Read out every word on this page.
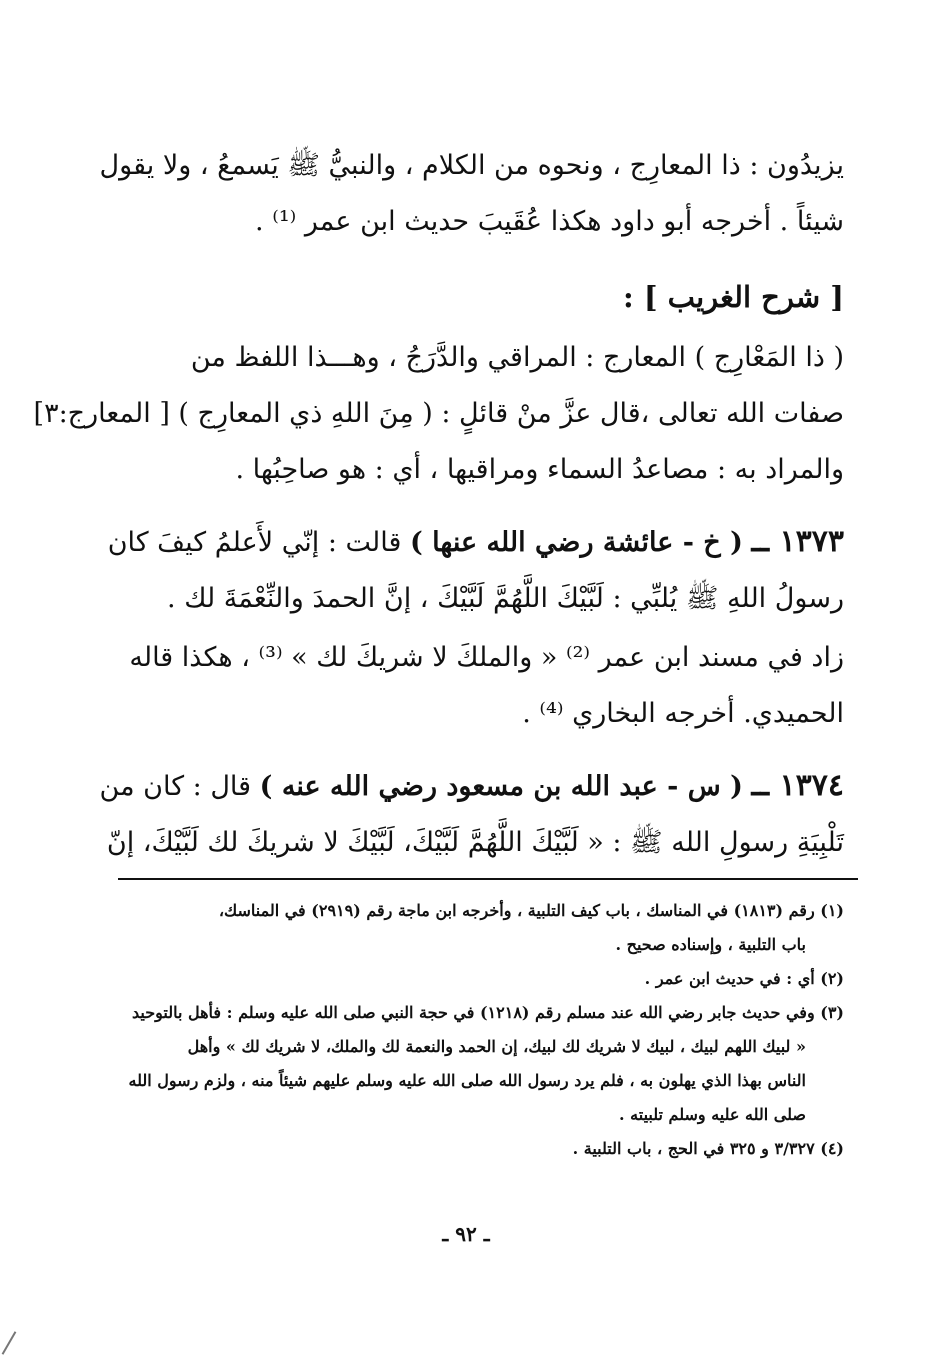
يزيدُون : ذا المعارِج ، ونحوه من الكلام ، والنبيُّ ﷺ يَسمعُ ، ولا يقول
شيئاً . أخرجه أبو داود هكذا عُقَيبَ حديث ابن عمر ⁽¹⁾ .
[ شرح الغريب ] :
( ذا المَعْارِج ) المعارج : المراقي والدَّرَجُ ، وهـــذا اللفظ من
صفات الله تعالى ،قال عزَّ منْ قائلٍ : ( مِنَ اللهِ ذي المعارِج ) [ المعارج:٣]
والمراد به : مصاعدُ السماء ومراقيها ، أي : هو صاحِبُها .
١٣٧٣ ــ ( خ - عائشة رضي الله عنها ) قالت : إنّي لأَعلمُ كيفَ كان
رسولُ اللهِ ﷺ يُلبِّي : لَبَّيْكَ اللَّهُمَّ لَبَّيْكَ ، إنَّ الحمدَ والنِّعْمَةَ لك .
زاد في مسند ابن عمر ⁽²⁾ « والملكَ لا شريكَ لك » ⁽³⁾ ، هكذا قاله
الحميدي. أخرجه البخاري ⁽⁴⁾ .
١٣٧٤ ــ ( س - عبد الله بن مسعود رضي الله عنه ) قال : كان من
تَلْبِيَةِ رسولِ الله ﷺ : « لَبَّيْكَ اللَّهُمَّ لَبَّيْكَ، لَبَّيْكَ لا شريكَ لك لَبَّيْكَ، إنّ
(١) رقم (١٨١٣) في المناسك ، باب كيف التلبية ، وأخرجه ابن ماجة رقم (٢٩١٩) في المناسك،
باب التلبية ، وإسناده صحيح .
(٢) أي : في حديث ابن عمر .
(٣) وفي حديث جابر رضي الله عند مسلم رقم (١٢١٨) في حجة النبي صلى الله عليه وسلم : فأهل بالتوحيد
« لبيك اللهم لبيك ، لبيك لا شريك لك لبيك، إن الحمد والنعمة لك والملك، لا شريك لك » وأهل
الناس بهذا الذي يهلون به ، فلم يرد رسول الله صلى الله عليه وسلم عليهم شيئاً منه ، ولزم رسول الله
صلى الله عليه وسلم تلبيته .
(٤) ٣/٣٢٧ و ٣٢٥ في الحج ، باب التلبية .
ـ ٩٢ ـ
